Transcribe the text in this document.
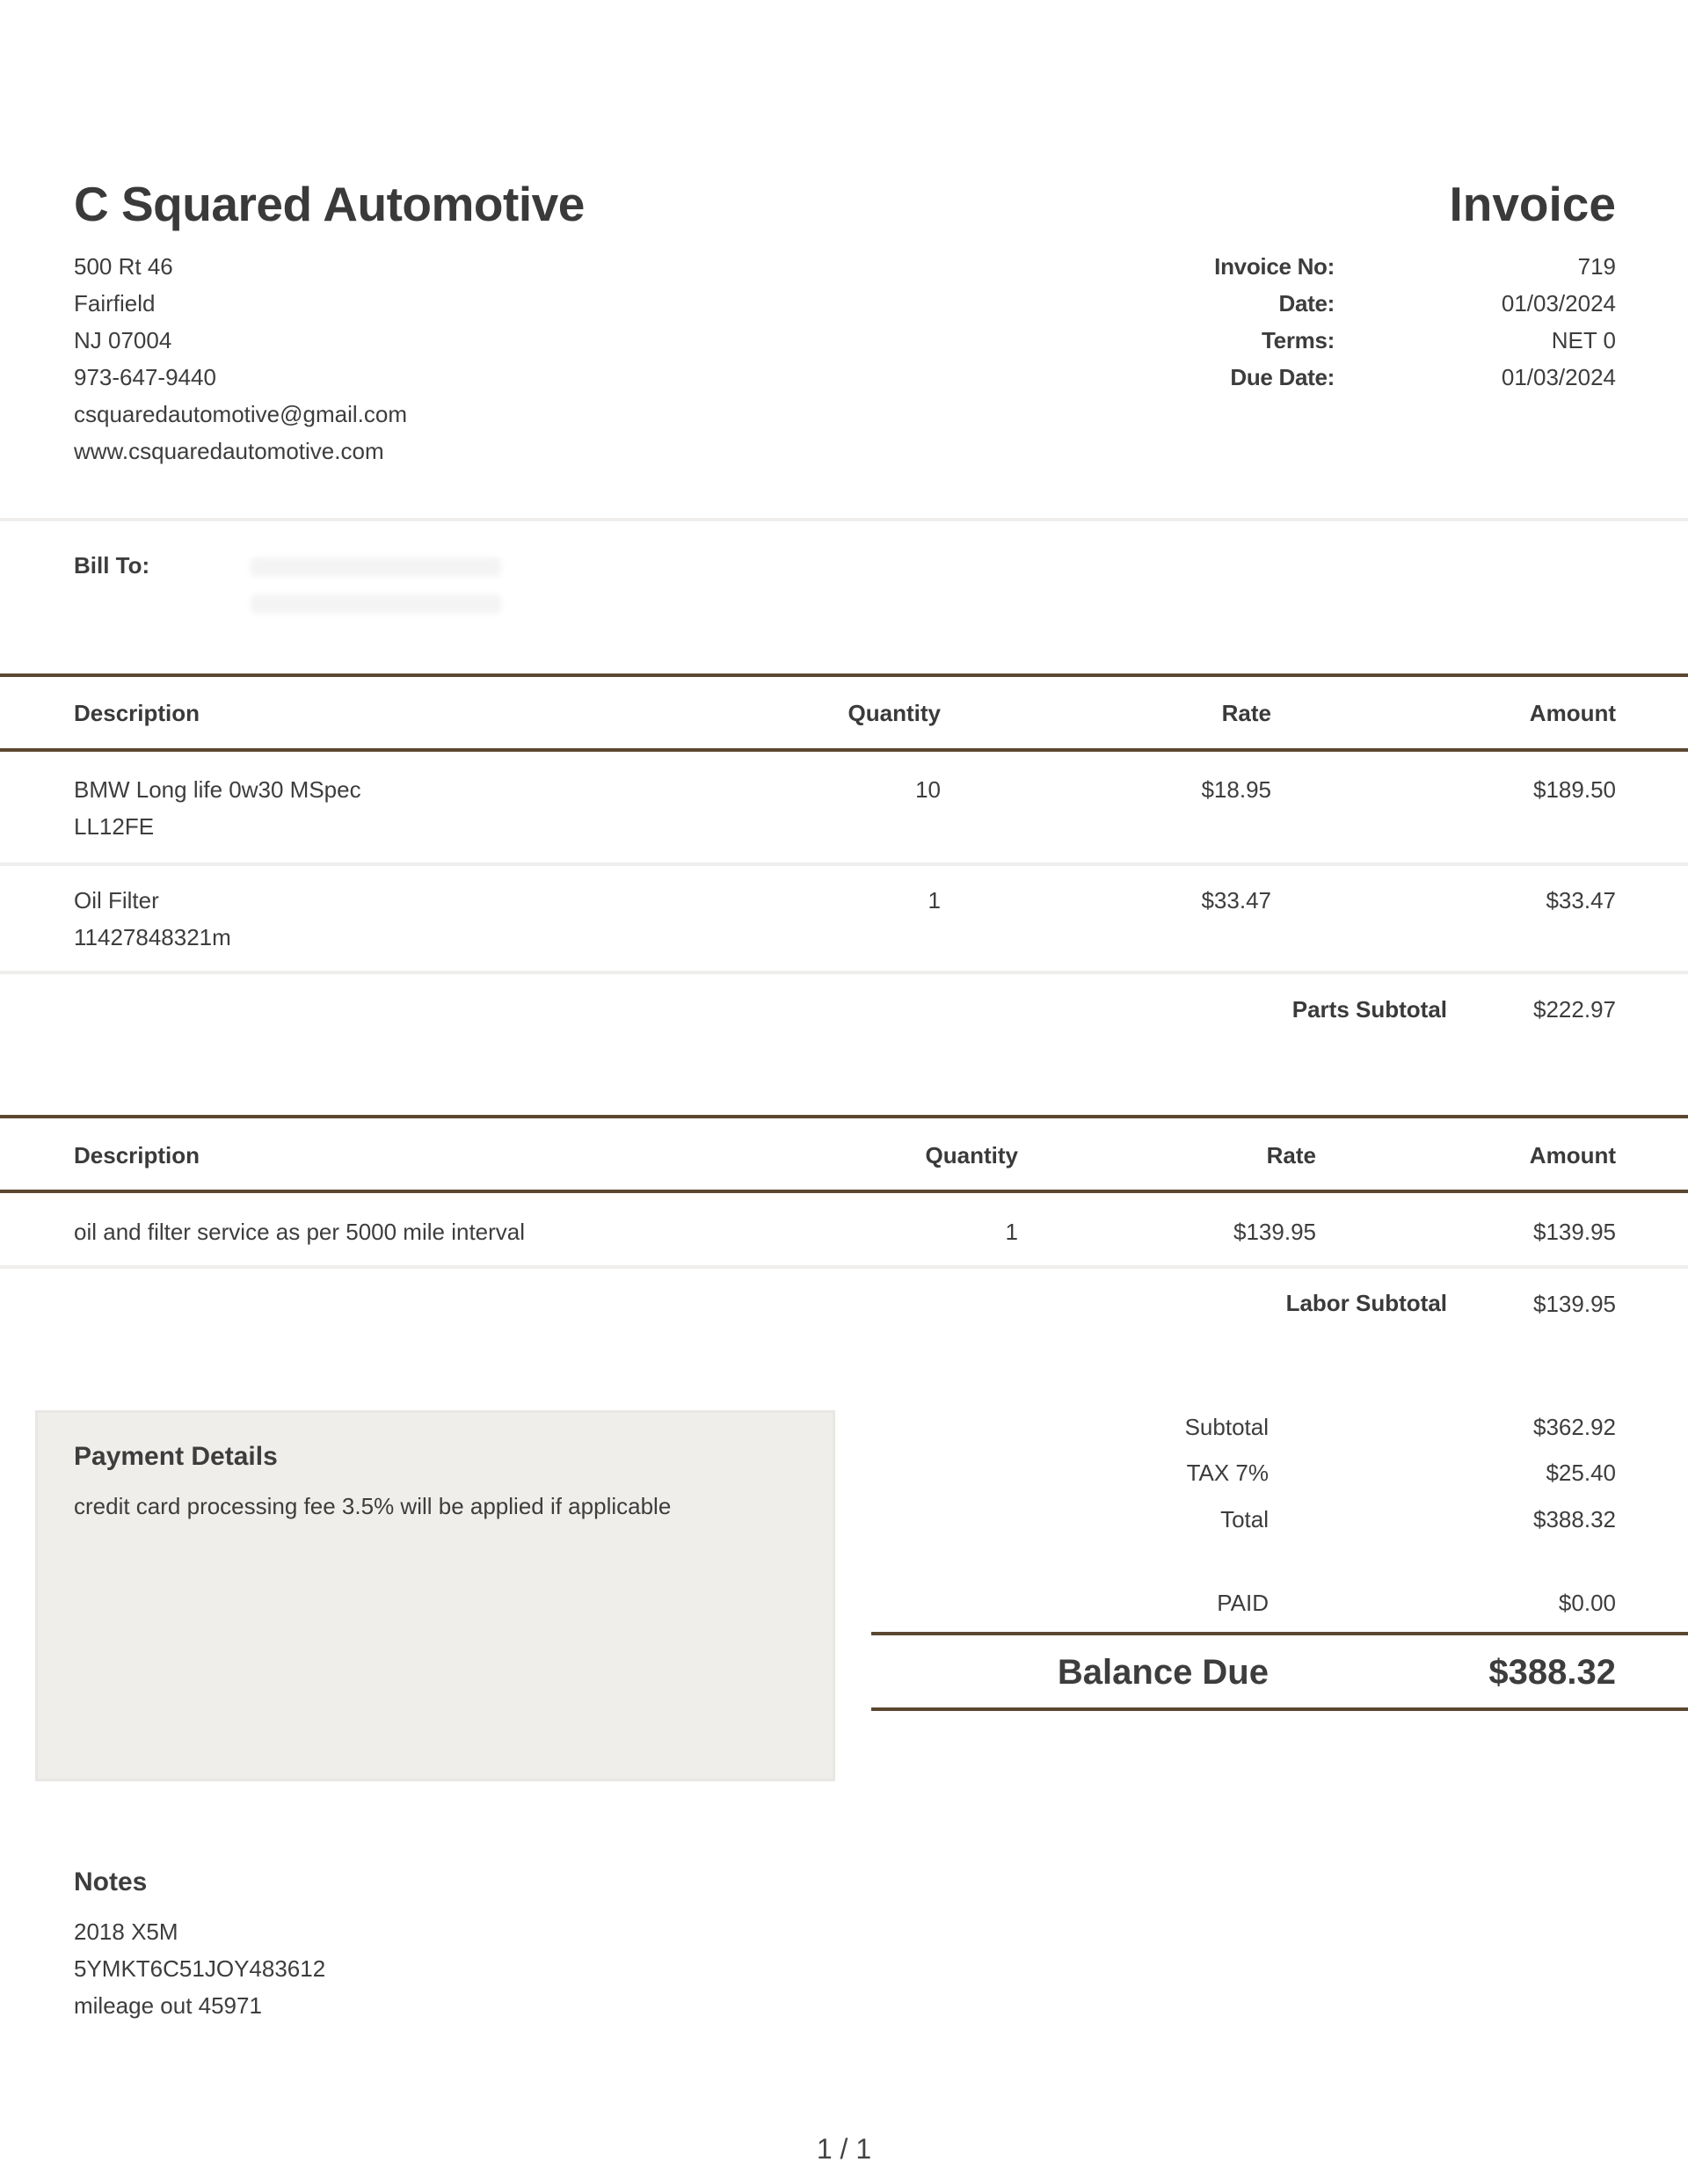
C Squared Automotive	Invoice
500 Rt 46
Fairfield
NJ 07004
973-647-9440
csquaredautomotive@gmail.com
www.csquaredautomotive.com
Invoice No:	719
Date:	01/03/2024
Terms:	NET 0
Due Date:	01/03/2024
Bill To:
Description	Quantity	Rate	Amount
BMW Long life 0w30 MSpec
LL12FE
10	$18.95	$189.50
Oil Filter
11427848321m
1	$33.47	$33.47
Parts Subtotal	$222.97
Description	Quantity	Rate	Amount
oil and filter service as per 5000 mile interval	1	$139.95	$139.95
Labor Subtotal	$139.95
Payment Details
credit card processing fee 3.5% will be applied if applicable
Subtotal	$362.92
TAX 7%	$25.40
Total	$388.32
PAID	$0.00
Balance Due	$388.32
Notes
2018 X5M
5YMKT6C51JOY483612
mileage out 45971
1 / 1
